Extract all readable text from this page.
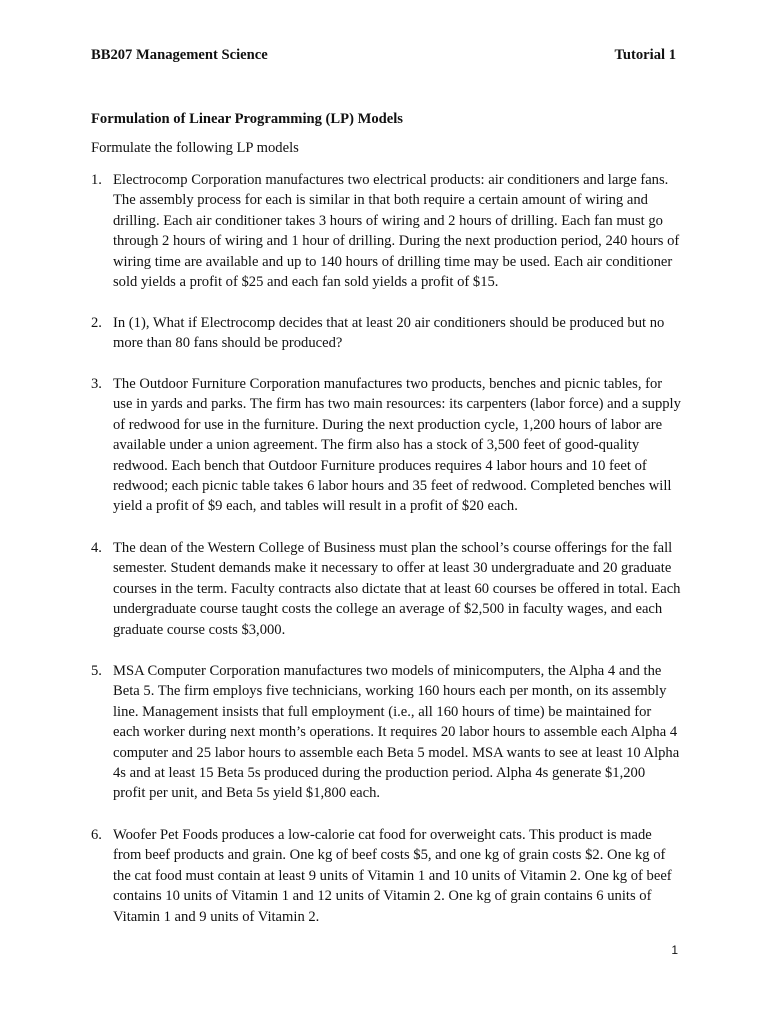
BB207 Management Science	Tutorial 1

Formulation of Linear Programming (LP) Models

Formulate the following LP models

1. Electrocomp Corporation manufactures two electrical products: air conditioners and large fans. The assembly process for each is similar in that both require a certain amount of wiring and drilling. Each air conditioner takes 3 hours of wiring and 2 hours of drilling. Each fan must go through 2 hours of wiring and 1 hour of drilling. During the next production period, 240 hours of wiring time are available and up to 140 hours of drilling time may be used. Each air conditioner sold yields a profit of $25 and each fan sold yields a profit of $15.
2. In (1), What if Electrocomp decides that at least 20 air conditioners should be produced but no more than 80 fans should be produced?
3. The Outdoor Furniture Corporation manufactures two products, benches and picnic tables, for use in yards and parks. The firm has two main resources: its carpenters (labor force) and a supply of redwood for use in the furniture. During the next production cycle, 1,200 hours of labor are available under a union agreement. The firm also has a stock of 3,500 feet of good-quality redwood. Each bench that Outdoor Furniture produces requires 4 labor hours and 10 feet of redwood; each picnic table takes 6 labor hours and 35 feet of redwood. Completed benches will yield a profit of $9 each, and tables will result in a profit of $20 each.
4. The dean of the Western College of Business must plan the school’s course offerings for the fall semester. Student demands make it necessary to offer at least 30 undergraduate and 20 graduate courses in the term. Faculty contracts also dictate that at least 60 courses be offered in total. Each undergraduate course taught costs the college an average of $2,500 in faculty wages, and each graduate course costs $3,000.
5. MSA Computer Corporation manufactures two models of minicomputers, the Alpha 4 and the Beta 5. The firm employs five technicians, working 160 hours each per month, on its assembly line. Management insists that full employment (i.e., all 160 hours of time) be maintained for each worker during next month’s operations. It requires 20 labor hours to assemble each Alpha 4 computer and 25 labor hours to assemble each Beta 5 model. MSA wants to see at least 10 Alpha 4s and at least 15 Beta 5s produced during the production period. Alpha 4s generate $1,200 profit per unit, and Beta 5s yield $1,800 each.
6. Woofer Pet Foods produces a low-calorie cat food for overweight cats. This product is made from beef products and grain. One kg of beef costs $5, and one kg of grain costs $2. One kg of the cat food must contain at least 9 units of Vitamin 1 and 10 units of Vitamin 2. One kg of beef contains 10 units of Vitamin 1 and 12 units of Vitamin 2. One kg of grain contains 6 units of Vitamin 1 and 9 units of Vitamin 2.
1
